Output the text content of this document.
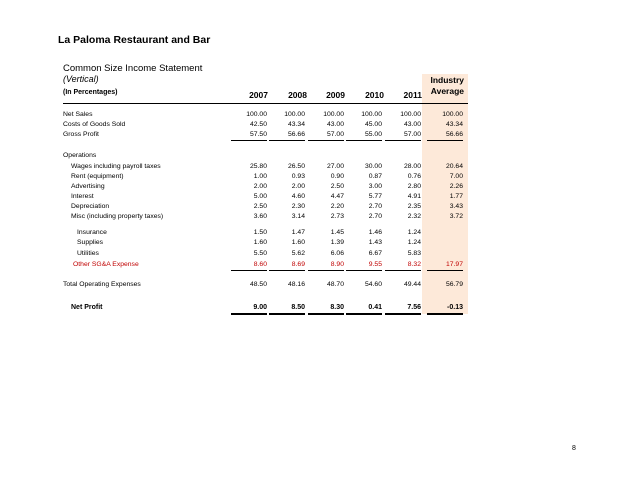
La Paloma Restaurant and Bar
Common Size Income Statement
(Vertical)
(In Percentages)	2007	2008	2009	2010	2011
Industry
Average
Net Sales	100.00	100.00	100.00	100.00	100.00	100.00
Costs of Goods Sold	42.50	43.34	43.00	45.00	43.00	43.34
Gross Profit	57.50	56.66	57.00	55.00	57.00	56.66
Operations
Wages including payroll taxes	25.80	26.50	27.00	30.00	28.00	20.64
Rent (equipment)	1.00	0.93	0.90	0.87	0.76	7.00
Advertising	2.00	2.00	2.50	3.00	2.80	2.26
Interest	5.00	4.60	4.47	5.77	4.91	1.77
Depreciation	2.50	2.30	2.20	2.70	2.35	3.43
Misc (including property taxes)	3.60	3.14	2.73	2.70	2.32	3.72
Insurance	1.50	1.47	1.45	1.46	1.24
Supplies	1.60	1.60	1.39	1.43	1.24
Utilities	5.50	5.62	6.06	6.67	5.83
Other SG&A Expense	8.60	8.69	8.90	9.55	8.32	17.97
Total Operating Expenses	48.50	48.16	48.70	54.60	49.44	56.79
Net Profit	9.00	8.50	8.30	0.41	7.56	-0.13
8
